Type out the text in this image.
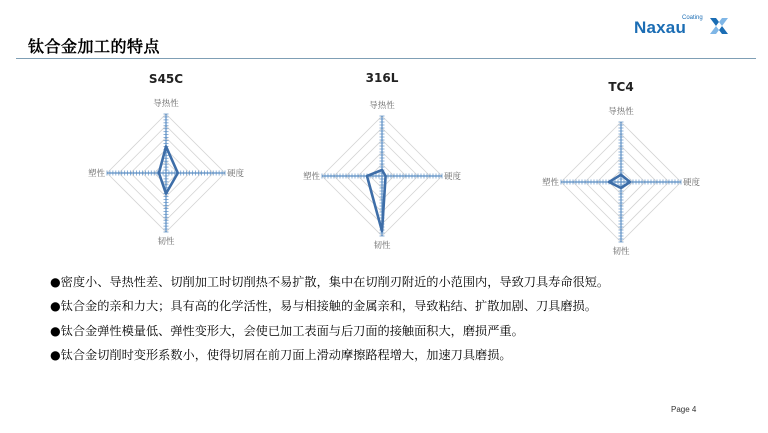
钛合金加工的特点
Naxau
Coating
S45C
导热性
硬度
韧性
塑性
316L
导热性
硬度
韧性
塑性
TC4
导热性
硬度
韧性
塑性
●密度小、导热性差、切削加工时切削热不易扩散，集中在切削刃附近的小范围内，导致刀具寿命很短。
●钛合金的亲和力大；具有高的化学活性，易与相接触的金属亲和，导致粘结、扩散加剧、刀具磨损。
●钛合金弹性模量低、弹性变形大，会使已加工表面与后刀面的接触面积大，磨损严重。
●钛合金切削时变形系数小，使得切屑在前刀面上滑动摩擦路程增大，加速刀具磨损。
Page 4
